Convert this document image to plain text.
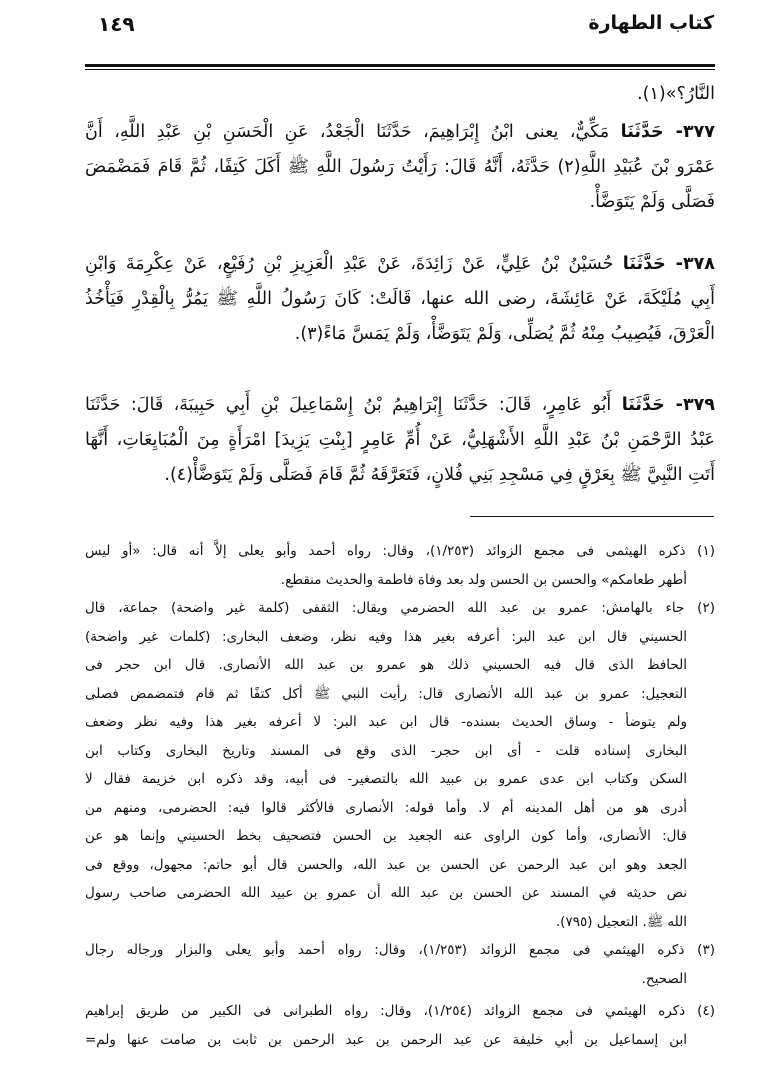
كتاب الطهارة
١٤٩
النَّارُ؟»(١).
٣٧٧- حَدَّثَنَا مَكِّيٌّ، يعنى ابْنُ إِبْرَاهِيمَ، حَدَّثَنَا الْجَعْدُ، عَنِ الْحَسَنِ بْنِ عَبْدِ اللَّهِ، أَنَّ
عَمْرَو بْنَ عُبَيْدِ اللَّهِ(٢) حَدَّثَهُ، أَنَّهُ قَالَ: رَأَيْتُ رَسُولَ اللَّهِ ﷺ أَكَلَ كَتِفًا، ثُمَّ قَامَ فَمَضْمَضَ
فَصَلَّى وَلَمْ يَتَوَضَّأْ.
٣٧٨- حَدَّثَنَا حُسَيْنُ بْنُ عَلِيٍّ، عَنْ زَائِدَةَ، عَنْ عَبْدِ الْعَزِيزِ بْنِ رُفَيْعٍ، عَنْ عِكْرِمَةَ وَابْنِ
أَبِي مُلَيْكَةَ، عَنْ عَائِشَةَ، رضى الله عنها، قَالَتْ: كَانَ رَسُولُ اللَّهِ ﷺ يَمُرُّ بِالْقِدْرِ فَيَأْخُذُ
الْعَرْقَ، فَيُصِيبُ مِنْهُ ثُمَّ يُصَلِّى، وَلَمْ يَتَوَضَّأْ، وَلَمْ يَمَسَّ مَاءً(٣).
٣٧٩- حَدَّثَنَا أَبُو عَامِرٍ، قَالَ: حَدَّثَنَا إِبْرَاهِيمُ بْنُ إِسْمَاعِيلَ بْنِ أَبِي حَبِيبَةَ، قَالَ: حَدَّثَنَا
عَبْدُ الرَّحْمَنِ بْنُ عَبْدِ اللَّهِ الأَشْهَلِيُّ، عَنْ أُمِّ عَامِرٍ [بِنْتِ يَزِيدَ] امْرَأَةٍ مِنَ الْمُبَايِعَاتِ، أَنَّهَا
أَتَتِ النَّبِيَّ ﷺ بِعَرْقٍ فِي مَسْجِدِ بَنِي فُلانٍ، فَتَعَرَّقَهُ ثُمَّ قَامَ فَصَلَّى وَلَمْ يَتَوَضَّأْ(٤).
(١) ذكره الهيثمى فى مجمع الزوائد (١/٢٥٣)، وقال: رواه أحمد وأبو يعلى إلاَّ أنه قال: «أو ليس
أطهر طعامكم» والحسن بن الحسن ولد بعد وفاة فاطمة والحديث منقطع.
(٢) جاء بالهامش: عمرو بن عبد الله الحضرمي ويقال: الثقفى (كلمة غير واضحة) جماعة، قال
الحسيني قال ابن عبد البر: أعرفه بغير هذا وفيه نظر، وضعف البخارى: (كلمات غير واضحة)
الحافظ الذى قال فيه الحسيني ذلك هو عمرو بن عبد الله الأنصارى. قال ابن حجر فى
التعجيل: عمرو بن عبد الله الأنصارى قال: رأيت النبي ﷺ أكل كتفًا ثم قام فتمضمض فصلى
ولم يتوضأ - وساق الحديث بسنده- قال ابن عبد البر: لا أعرفه بغير هذا وفيه نظر وضعف
البخارى إسناده قلت - أى ابن حجر- الذى وقع فى المسند وتاريخ البخارى وكتاب ابن
السكن وكتاب ابن عدى عمرو بن عبيد الله بالتصغير- فى أبيه، وقد ذكره ابن خزيمة فقال لا
أدرى هو من أهل المدينه أم لا. وأما قوله: الأنصارى فالأكثر قالوا فيه: الحضرمى، ومنهم من
قال: الأنصارى، وأما كون الراوى عنه الجعيد بن الحسن فتصحيف بخط الحسيني وإنما هو عن
الجعد وهو ابن عبد الرحمن عن الحسن بن عبد الله، والحسن قال أبو حاتم: مجهول، ووقع فى
نص حديثه في المسند عن الحسن بن عبد الله أن عمرو بن عبيد الله الحضرمى صاحب رسول
الله ﷺ. التعجيل (٧٩٥).
(٣) ذكره الهيثمي فى مجمع الزوائد (١/٢٥٣)، وقال: رواه أحمد وأبو يعلى والبزار ورجاله رجال
الصحيح.
(٤) ذكره الهيثمي فى مجمع الزوائد (١/٢٥٤)، وقال: رواه الطبرانى فى الكبير من طريق إبراهيم
ابن إسماعيل بن أبي خليفة عن عبد الرحمن بن عبد الرحمن بن ثابت بن صامت عنها ولم=
